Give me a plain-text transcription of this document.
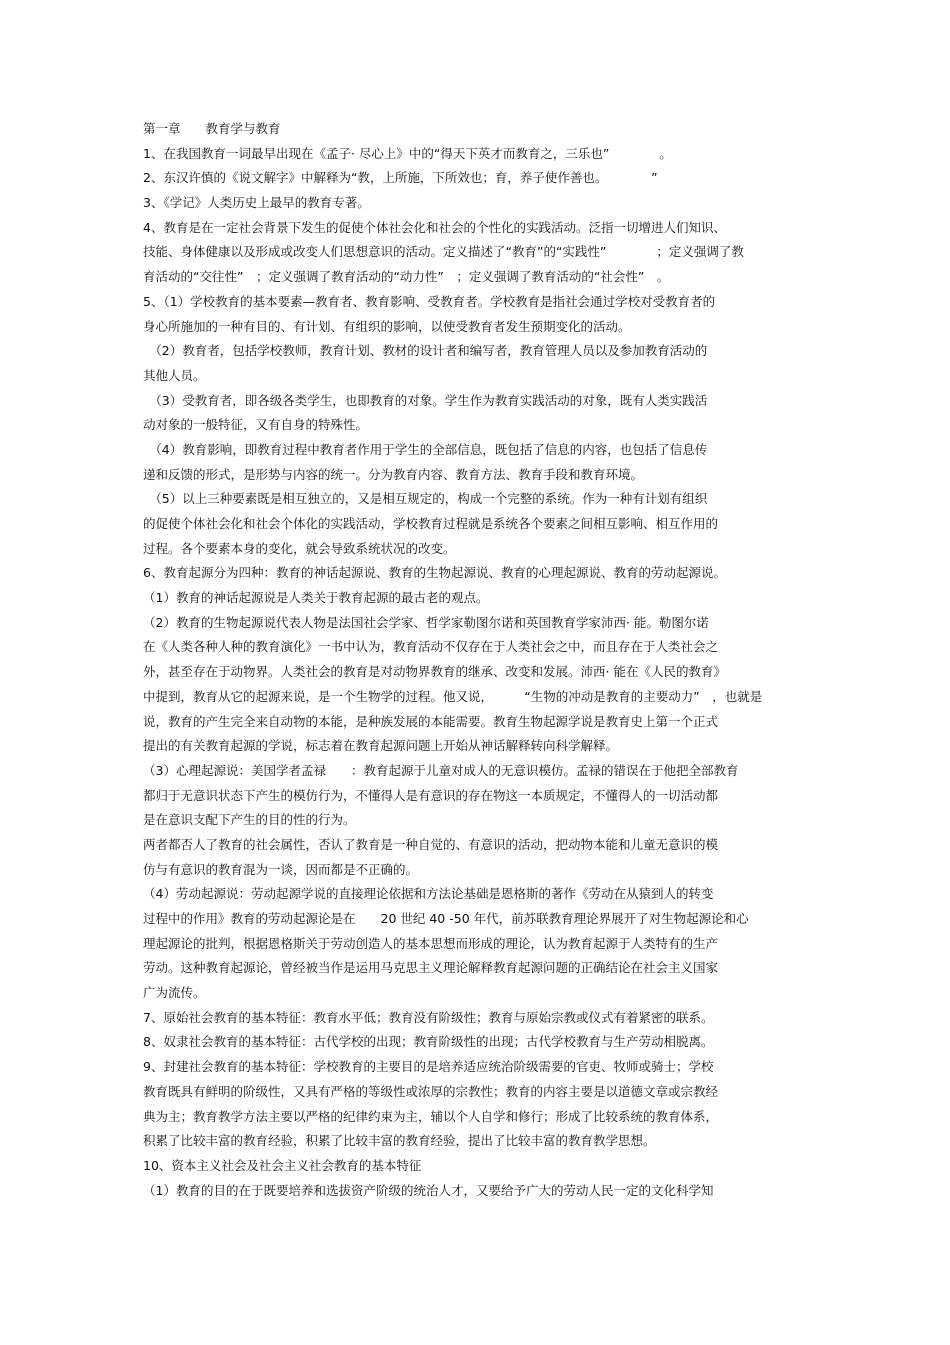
第一章　　教育学与教育
1、在我国教育一词最早出现在《孟子· 尽心上》中的“得天下英才而教育之，三乐也”　　　　。
2、东汉许慎的《说文解字》中解释为“教，上所施，下所效也；育，养子使作善也。　　　　”
3、《学记》人类历史上最早的教育专著。
4、教育是在一定社会背景下发生的促使个体社会化和社会的个性化的实践活动。泛指一切增进人们知识、
技能、身体健康以及形成或改变人们思想意识的活动。定义描述了“教育”的“实践性”　　　　；定义强调了教
育活动的“交往性”　；定义强调了教育活动的“动力性”　；定义强调了教育活动的“社会性”　。
5、（1）学校教育的基本要素—教育者、教育影响、受教育者。学校教育是指社会通过学校对受教育者的
身心所施加的一种有目的、有计划、有组织的影响，以使受教育者发生预期变化的活动。
　（2）教育者，包括学校教师，教育计划、教材的设计者和编写者，教育管理人员以及参加教育活动的
其他人员。
　（3）受教育者，即各级各类学生，也即教育的对象。学生作为教育实践活动的对象，既有人类实践活
动对象的一般特征，又有自身的特殊性。
　（4）教育影响，即教育过程中教育者作用于学生的全部信息，既包括了信息的内容，也包括了信息传
递和反馈的形式，是形势与内容的统一。分为教育内容、教育方法、教育手段和教育环境。
　（5）以上三种要素既是相互独立的，又是相互规定的，构成一个完整的系统。作为一种有计划有组织
的促使个体社会化和社会个体化的实践活动，学校教育过程就是系统各个要素之间相互影响、相互作用的
过程。各个要素本身的变化，就会导致系统状况的改变。
6、教育起源分为四种：教育的神话起源说、教育的生物起源说、教育的心理起源说、教育的劳动起源说。
（1）教育的神话起源说是人类关于教育起源的最古老的观点。
（2）教育的生物起源说代表人物是法国社会学家、哲学家勒图尔诺和英国教育学家沛西· 能。勒图尔诺
在《人类各种人种的教育演化》一书中认为，教育活动不仅存在于人类社会之中，而且存在于人类社会之
外，甚至存在于动物界。人类社会的教育是对动物界教育的继承、改变和发展。沛西· 能在《人民的教育》
中提到，教育从它的起源来说，是一个生物学的过程。他又说，　　　“生物的冲动是教育的主要动力”　，也就是
说，教育的产生完全来自动物的本能，是种族发展的本能需要。教育生物起源学说是教育史上第一个正式
提出的有关教育起源的学说，标志着在教育起源问题上开始从神话解释转向科学解释。
（3）心理起源说：美国学者孟禄　　：教育起源于儿童对成人的无意识模仿。孟禄的错误在于他把全部教育
都归于无意识状态下产生的模仿行为，不懂得人是有意识的存在物这一本质规定，不懂得人的一切活动都
是在意识支配下产生的目的性的行为。
两者都否人了教育的社会属性，否认了教育是一种自觉的、有意识的活动，把动物本能和儿童无意识的模
仿与有意识的教育混为一谈，因而都是不正确的。
（4）劳动起源说：劳动起源学说的直接理论依据和方法论基础是恩格斯的著作《劳动在从猿到人的转变
过程中的作用》教育的劳动起源论是在　　20 世纪 40 -50 年代，前苏联教育理论界展开了对生物起源论和心
理起源论的批判，根据恩格斯关于劳动创造人的基本思想而形成的理论，认为教育起源于人类特有的生产
劳动。这种教育起源论，曾经被当作是运用马克思主义理论解释教育起源问题的正确结论在社会主义国家
广为流传。
7、原始社会教育的基本特征：教育水平低；教育没有阶级性；教育与原始宗教或仪式有着紧密的联系。
8、奴隶社会教育的基本特征：古代学校的出现；教育阶级性的出现；古代学校教育与生产劳动相脱离。
9、封建社会教育的基本特征：学校教育的主要目的是培养适应统治阶级需要的官吏、牧师或骑士；学校
教育既具有鲜明的阶级性，又具有严格的等级性或浓厚的宗教性；教育的内容主要是以道德文章或宗教经
典为主；教育教学方法主要以严格的纪律约束为主，辅以个人自学和修行；形成了比较系统的教育体系，
积累了比较丰富的教育经验，积累了比较丰富的教育经验，提出了比较丰富的教育教学思想。
10、资本主义社会及社会主义社会教育的基本特征
（1）教育的目的在于既要培养和选拔资产阶级的统治人才，又要给予广大的劳动人民一定的文化科学知
